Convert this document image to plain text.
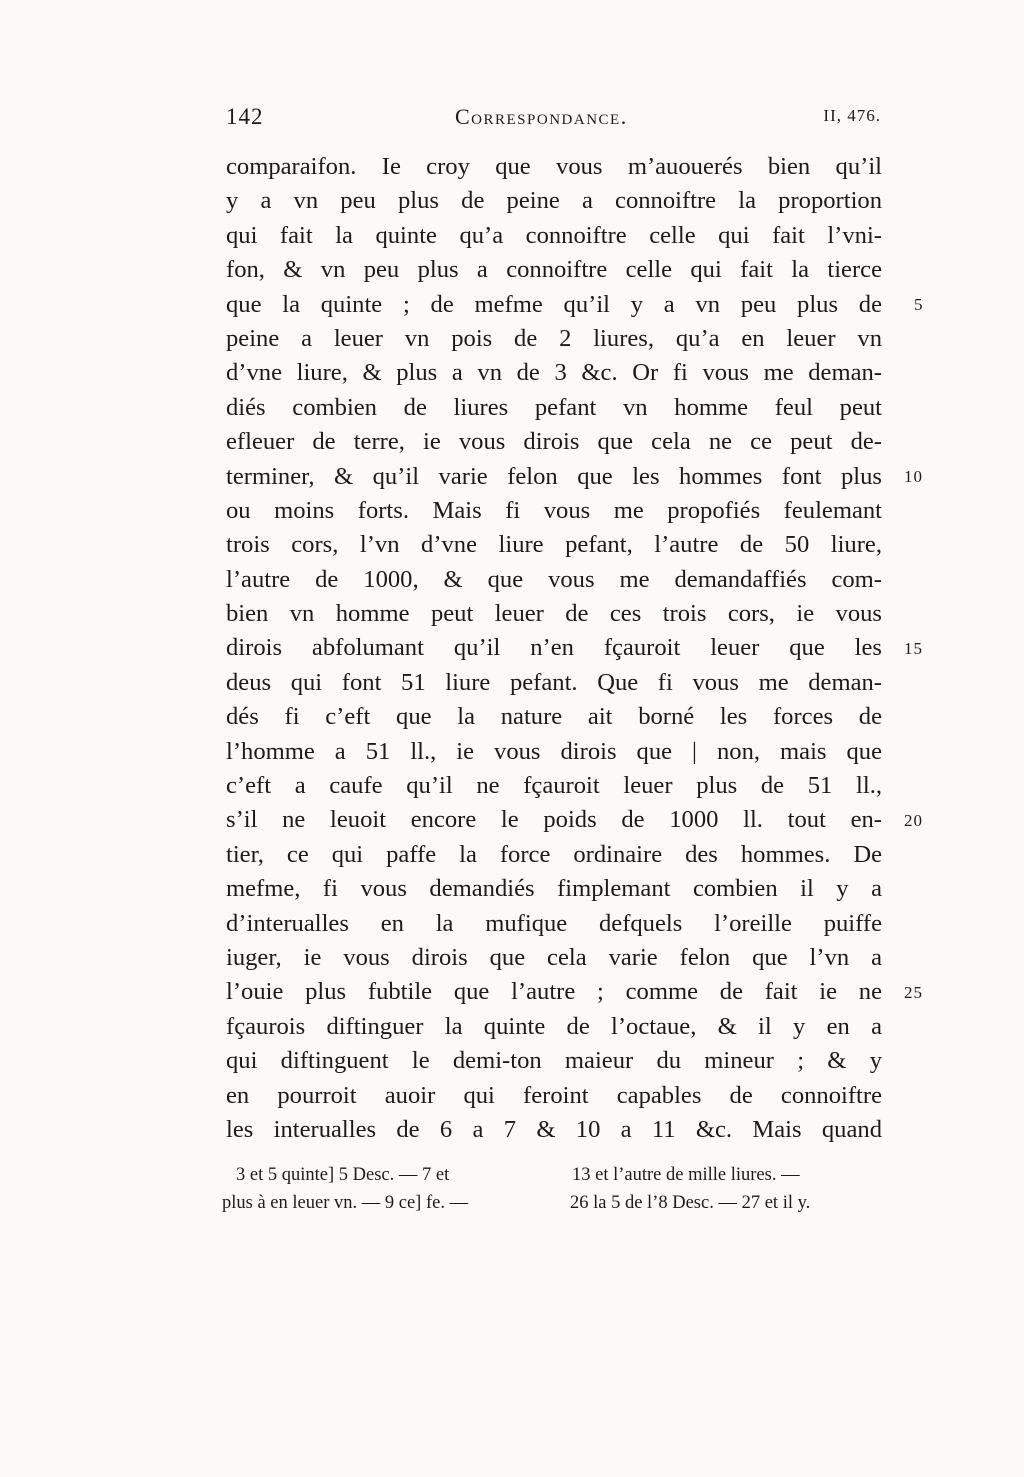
142	Correspondance.	II, 476.
comparaifon. Ie croy que vous m’auouerés bien qu’il
y a vn peu plus de peine a connoiftre la proportion
qui fait la quinte qu’a connoiftre celle qui fait l’vni-
fon, & vn peu plus a connoiftre celle qui fait la tierce
que la quinte ; de mefme qu’il y a vn peu plus de
peine a leuer vn pois de 2 liures, qu’a en leuer vn
d’vne liure, & plus a vn de 3 &c. Or fi vous me deman-
diés combien de liures pefant vn homme feul peut
efleuer de terre, ie vous dirois que cela ne ce peut de-
terminer, & qu’il varie felon que les hommes font plus
ou moins forts. Mais fi vous me propofiés feulemant
trois cors, l’vn d’vne liure pefant, l’autre de 50 liure,
l’autre de 1000, & que vous me demandaffiés com-
bien vn homme peut leuer de ces trois cors, ie vous
dirois abfolumant qu’il n’en fçauroit leuer que les
deus qui font 51 liure pefant. Que fi vous me deman-
dés fi c’eft que la nature ait borné les forces de
l’homme a 51 ll., ie vous dirois que | non, mais que
c’eft a caufe qu’il ne fçauroit leuer plus de 51 ll.,
s’il ne leuoit encore le poids de 1000 ll. tout en-
tier, ce qui paffe la force ordinaire des hommes. De
mefme, fi vous demandiés fimplemant combien il y a
d’interualles en la mufique defquels l’oreille puiffe
iuger, ie vous dirois que cela varie felon que l’vn a
l’ouie plus fubtile que l’autre ; comme de fait ie ne
fçaurois diftinguer la quinte de l’octaue, & il y en a
qui diftinguent le demi-ton maieur du mineur ; & y
en pourroit auoir qui feroint capables de connoiftre
les interualles de 6 a 7 & 10 a 11 &c. Mais quand
5
10
15
20
25
3 et 5 quinte] 5 Desc. — 7 et
plus à en leuer vn. — 9 ce] fe. —
13 et l’autre de mille liures. —
26 la 5 de l’8 Desc. — 27 et il y.
